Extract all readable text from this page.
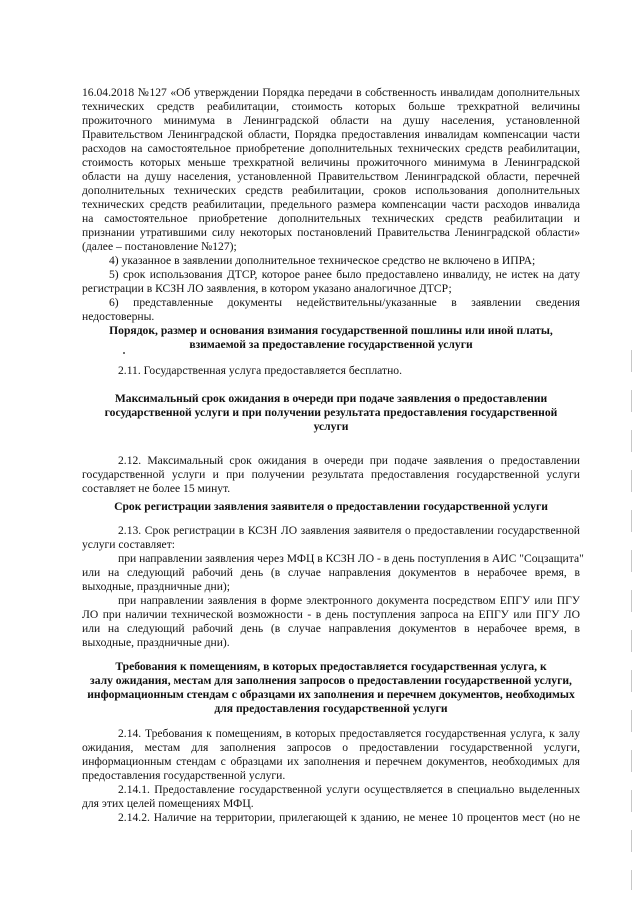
16.04.2018 №127 «Об утверждении Порядка передачи в собственность инвалидам дополнительных
технических средств реабилитации, стоимость которых больше трехкратной величины
прожиточного минимума в Ленинградской области на душу населения, установленной
Правительством Ленинградской области, Порядка предоставления инвалидам компенсации части
расходов на самостоятельное приобретение дополнительных технических средств реабилитации,
стоимость которых меньше трехкратной величины прожиточного минимума в Ленинградской
области на душу населения, установленной Правительством Ленинградской области, перечней
дополнительных технических средств реабилитации, сроков использования дополнительных
технических средств реабилитации, предельного размера компенсации части расходов инвалида
на самостоятельное приобретение дополнительных технических средств реабилитации и
признании утратившими силу некоторых постановлений Правительства Ленинградской области»
(далее – постановление №127);
4) указанное в заявлении дополнительное техническое средство не включено в ИПРА;
5) срок использования ДТСР, которое ранее было предоставлено инвалиду, не истек на дату
регистрации в КСЗН ЛО заявления, в котором указано аналогичное ДТСР;
6) представленные документы недействительны/указанные в заявлении сведения
недостоверны.
Порядок, размер и основания взимания государственной пошлины или иной платы,
взимаемой за предоставление государственной услуги
2.11. Государственная услуга предоставляется бесплатно.
Максимальный срок ожидания в очереди при подаче заявления о предоставлении
государственной услуги и при получении результата предоставления государственной
услуги
2.12. Максимальный срок ожидания в очереди при подаче заявления о предоставлении
государственной услуги и при получении результата предоставления государственной услуги
составляет не более 15 минут.
Срок регистрации заявления заявителя о предоставлении государственной услуги
2.13. Срок регистрации в КСЗН ЛО заявления заявителя о предоставлении государственной
услуги составляет:
при направлении заявления через МФЦ в КСЗН ЛО - в день поступления в АИС "Соцзащита"
или на следующий рабочий день (в случае направления документов в нерабочее время, в
выходные, праздничные дни);
при направлении заявления в форме электронного документа посредством ЕПГУ или ПГУ
ЛО при наличии технической возможности - в день поступления запроса на ЕПГУ или ПГУ ЛО
или на следующий рабочий день (в случае направления документов в нерабочее время, в
выходные, праздничные дни).
Требования к помещениям, в которых предоставляется государственная услуга, к
залу ожидания, местам для заполнения запросов о предоставлении государственной услуги,
информационным стендам с образцами их заполнения и перечнем документов, необходимых
для предоставления государственной услуги
2.14. Требования к помещениям, в которых предоставляется государственная услуга, к залу
ожидания, местам для заполнения запросов о предоставлении государственной услуги,
информационным стендам с образцами их заполнения и перечнем документов, необходимых для
предоставления государственной услуги.
2.14.1. Предоставление государственной услуги осуществляется в специально выделенных
для этих целей помещениях МФЦ.
2.14.2. Наличие на территории, прилегающей к зданию, не менее 10 процентов мест (но не
